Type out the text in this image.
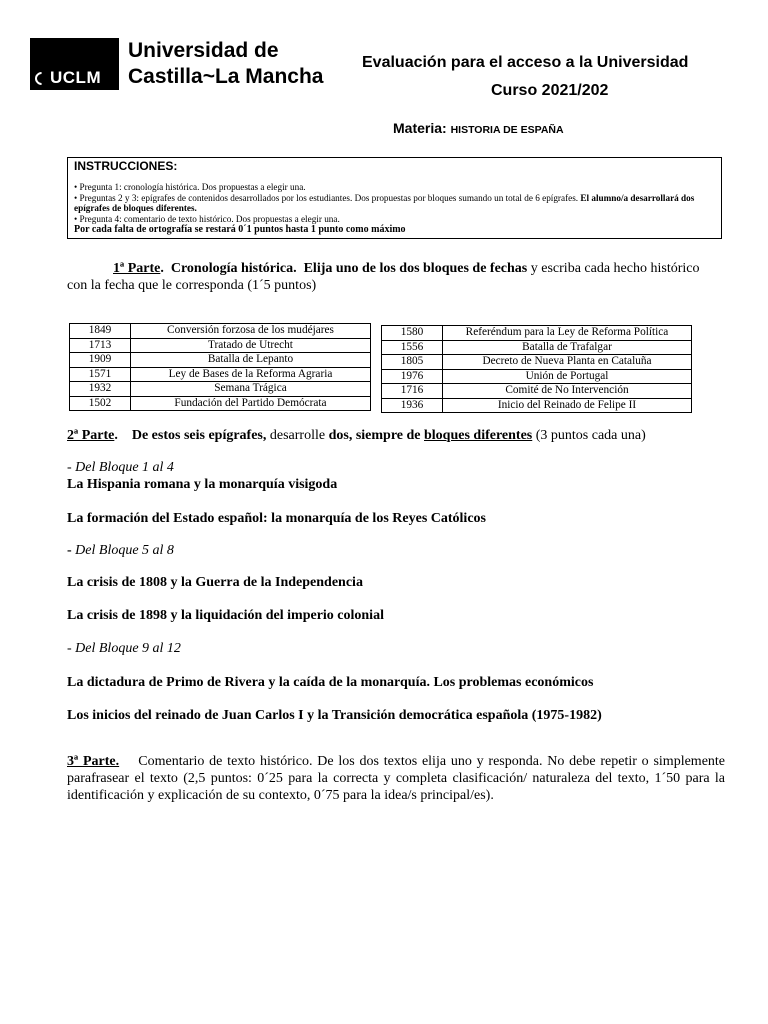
UCLM
Universidad de
Castilla~La Mancha
Evaluación para el acceso a la Universidad
Curso 2021/202
Materia: HISTORIA DE ESPAÑA
INSTRUCCIONES:
• Pregunta 1: cronología histórica. Dos propuestas a elegir una.
• Preguntas 2 y 3: epígrafes de contenidos desarrollados por los estudiantes. Dos propuestas por bloques sumando un total de 6 epígrafes. El alumno/a desarrollará dos epígrafes de bloques diferentes.
• Pregunta 4: comentario de texto histórico. Dos propuestas a elegir una.
Por cada falta de ortografía se restará 0´1 puntos hasta 1 punto como máximo
1ª Parte.  Cronología histórica. Elija uno de los dos bloques de fechas y escriba cada hecho histórico
con la fecha que le corresponda (1´5 puntos)
1849	Conversión forzosa de los mudéjares
1713	Tratado de Utrecht
1909	Batalla de Lepanto
1571	Ley de Bases de la Reforma Agraria
1932	Semana Trágica
1502	Fundación del Partido Demócrata
1580	Referéndum para la Ley de Reforma Política
1556	Batalla de Trafalgar
1805	Decreto de Nueva Planta en Cataluña
1976	Unión de Portugal
1716	Comité de No Intervención
1936	Inicio del Reinado de Felipe II
2ª Parte.    De estos seis epígrafes, desarrolle dos, siempre de bloques diferentes (3 puntos cada una)
- Del Bloque 1 al 4
La Hispania romana y la monarquía visigoda
La formación del Estado español: la monarquía de los Reyes Católicos
- Del Bloque 5 al 8
La crisis de 1808 y la Guerra de la Independencia
La crisis de 1898 y la liquidación del imperio colonial
- Del Bloque 9 al 12
La dictadura de Primo de Rivera y la caída de la monarquía. Los problemas económicos
Los inicios del reinado de Juan Carlos I y la Transición democrática española (1975-1982)
3ª Parte. Comentario de texto histórico. De los dos textos elija uno y responda. No debe repetir o simplemente parafrasear el texto (2,5 puntos: 0´25 para la correcta y completa clasificación/ naturaleza del texto, 1´50 para la identificación y explicación de su contexto, 0´75 para la idea/s principal/es).
